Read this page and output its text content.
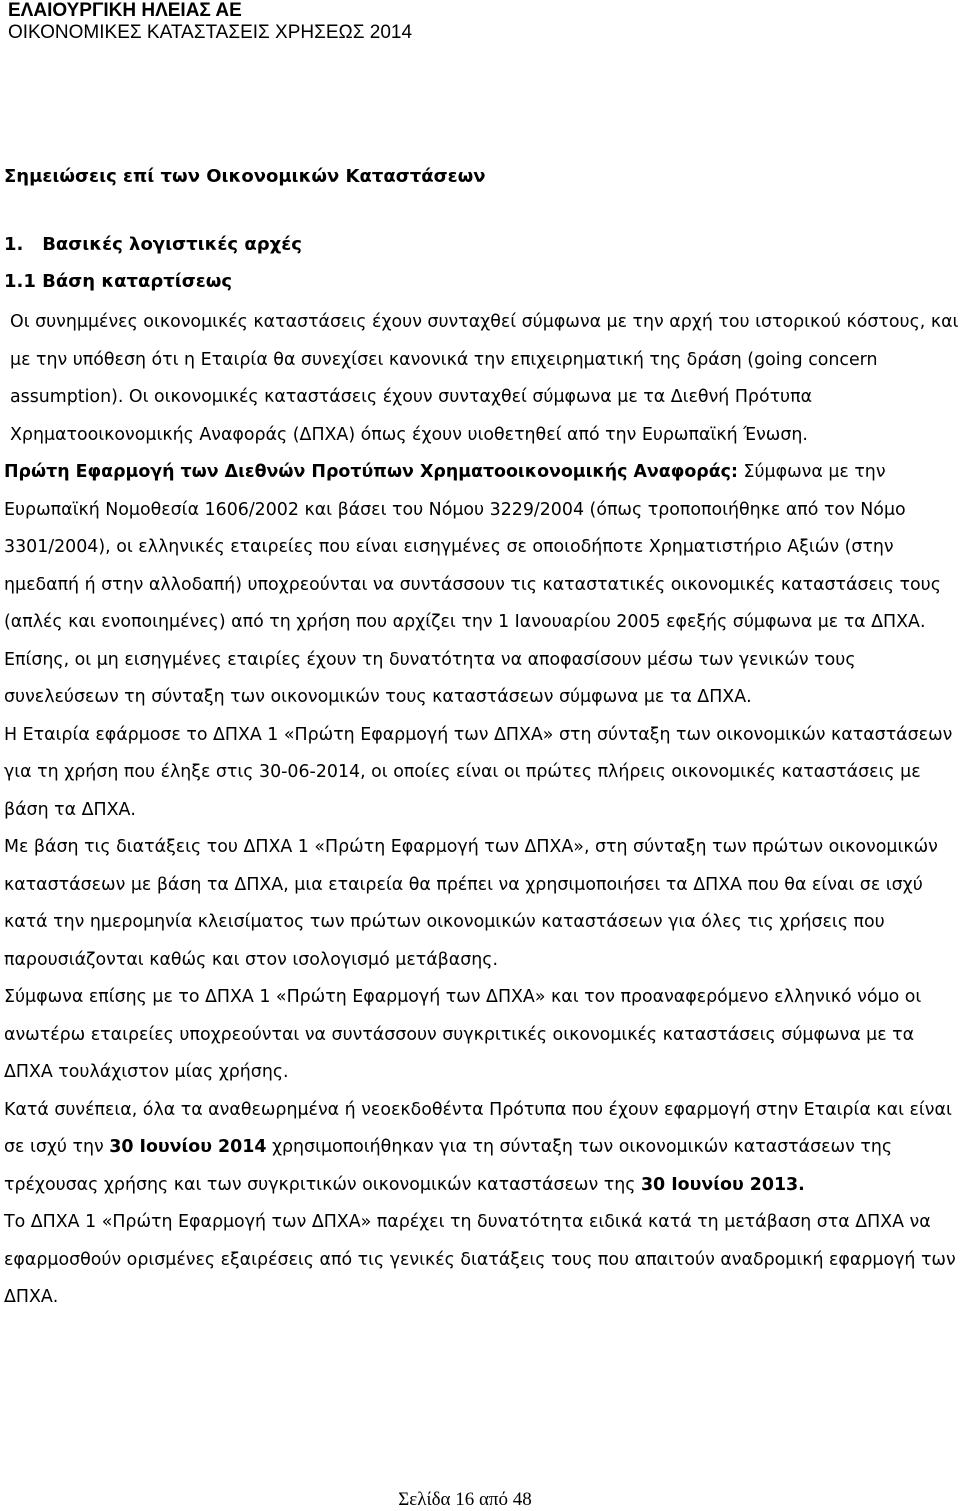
ΕΛΑΙΟΥΡΓΙΚΗ ΗΛΕΙΑΣ ΑΕ
ΟΙΚΟΝΟΜΙΚΕΣ ΚΑΤΑΣΤΑΣΕΙΣ ΧΡΗΣΕΩΣ 2014
Σημειώσεις επί των Οικονομικών Καταστάσεων
1. Βασικές λογιστικές αρχές
1.1 Βάση καταρτίσεως

Οι συνημμένες οικονομικές καταστάσεις έχουν συνταχθεί σύμφωνα με την αρχή του ιστορικού κόστους, και με την υπόθεση ότι η Εταιρία θα συνεχίσει κανονικά την επιχειρηματική της δράση (going concern assumption). Οι οικονομικές καταστάσεις έχουν συνταχθεί σύμφωνα με τα Διεθνή Πρότυπα Χρηματοοικονομικής Αναφοράς (ΔΠΧΑ) όπως έχουν υιοθετηθεί από την Ευρωπαϊκή Ένωση.

Πρώτη Εφαρμογή των Διεθνών Προτύπων Χρηματοοικονομικής Αναφοράς: Σύμφωνα με την Ευρωπαϊκή Νομοθεσία 1606/2002 και βάσει του Νόμου 3229/2004 (όπως τροποποιήθηκε από τον Νόμο 3301/2004), οι ελληνικές εταιρείες που είναι εισηγμένες σε οποιοδήποτε Χρηματιστήριο Αξιών (στην ημεδαπή ή στην αλλοδαπή) υποχρεούνται να συντάσσουν τις καταστατικές οικονομικές καταστάσεις τους (απλές και ενοποιημένες) από τη χρήση που αρχίζει την 1 Ιανουαρίου 2005 εφεξής σύμφωνα με τα ΔΠΧΑ. Επίσης, οι μη εισηγμένες εταιρίες έχουν τη δυνατότητα να αποφασίσουν μέσω των γενικών τους συνελεύσεων τη σύνταξη των οικονομικών τους καταστάσεων σύμφωνα με τα ΔΠΧΑ.

Η Εταιρία εφάρμοσε το ΔΠΧΑ 1 «Πρώτη Εφαρμογή των ΔΠΧΑ» στη σύνταξη των οικονομικών καταστάσεων για τη χρήση που έληξε στις 30-06-2014, οι οποίες είναι οι πρώτες πλήρεις οικονομικές καταστάσεις με βάση τα ΔΠΧΑ.

Με βάση τις διατάξεις του ΔΠΧΑ 1 «Πρώτη Εφαρμογή των ΔΠΧΑ», στη σύνταξη των πρώτων οικονομικών καταστάσεων με βάση τα ΔΠΧΑ, μια εταιρεία θα πρέπει να χρησιμοποιήσει τα ΔΠΧΑ που θα είναι σε ισχύ κατά την ημερομηνία κλεισίματος των πρώτων οικονομικών καταστάσεων για όλες τις χρήσεις που παρουσιάζονται καθώς και στον ισολογισμό μετάβασης.

Σύμφωνα επίσης με το ΔΠΧΑ 1 «Πρώτη Εφαρμογή των ΔΠΧΑ» και τον προαναφερόμενο ελληνικό νόμο οι ανωτέρω εταιρείες υποχρεούνται να συντάσσουν συγκριτικές οικονομικές καταστάσεις σύμφωνα με τα ΔΠΧΑ τουλάχιστον μίας χρήσης.

Κατά συνέπεια, όλα τα αναθεωρημένα ή νεοεκδοθέντα Πρότυπα που έχουν εφαρμογή στην Εταιρία και είναι σε ισχύ την 30 Ιουνίου 2014 χρησιμοποιήθηκαν για τη σύνταξη των οικονομικών καταστάσεων της τρέχουσας χρήσης και των συγκριτικών οικονομικών καταστάσεων της 30 Ιουνίου 2013.

Το ΔΠΧΑ 1 «Πρώτη Εφαρμογή των ΔΠΧΑ» παρέχει τη δυνατότητα ειδικά κατά τη μετάβαση στα ΔΠΧΑ να εφαρμοσθούν ορισμένες εξαιρέσεις από τις γενικές διατάξεις τους που απαιτούν αναδρομική εφαρμογή των ΔΠΧΑ.

Σελίδα 16 από 48
